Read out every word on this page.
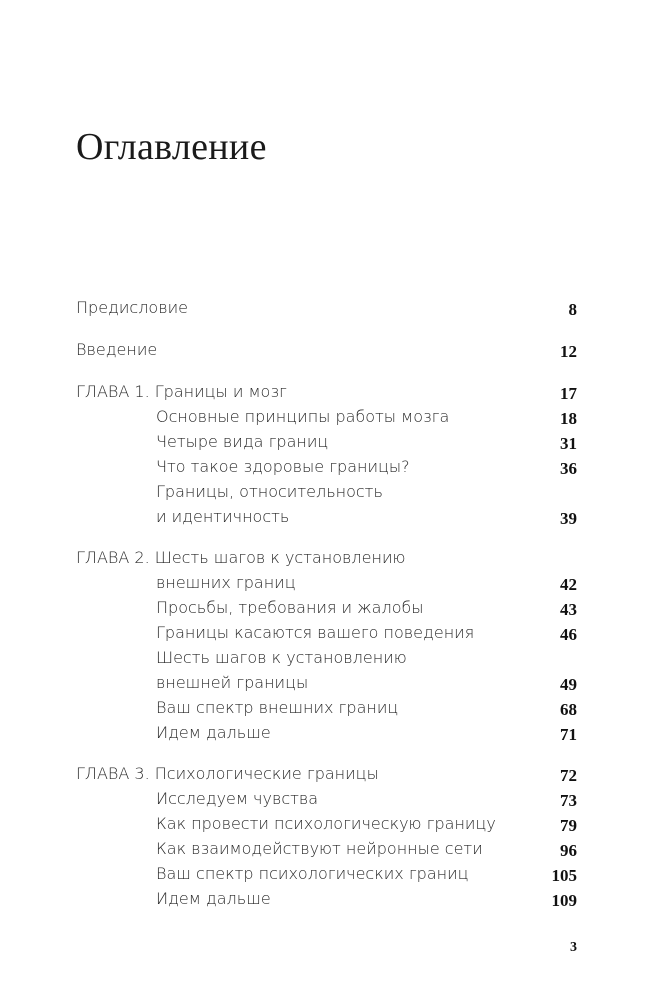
Оглавление
Предисловие	8
Введение	12
ГЛАВА 1. Границы и мозг	17
Основные принципы работы мозга	18
Четыре вида границ	31
Что такое здоровые границы?	36
Границы, относительность
и идентичность	39
ГЛАВА 2. Шесть шагов к установлению
внешних границ	42
Просьбы, требования и жалобы	43
Границы касаются вашего поведения	46
Шесть шагов к установлению
внешней границы	49
Ваш спектр внешних границ	68
Идем дальше	71
ГЛАВА 3. Психологические границы	72
Исследуем чувства	73
Как провести психологическую границу	79
Как взаимодействуют нейронные сети	96
Ваш спектр психологических границ	105
Идем дальше	109
3
